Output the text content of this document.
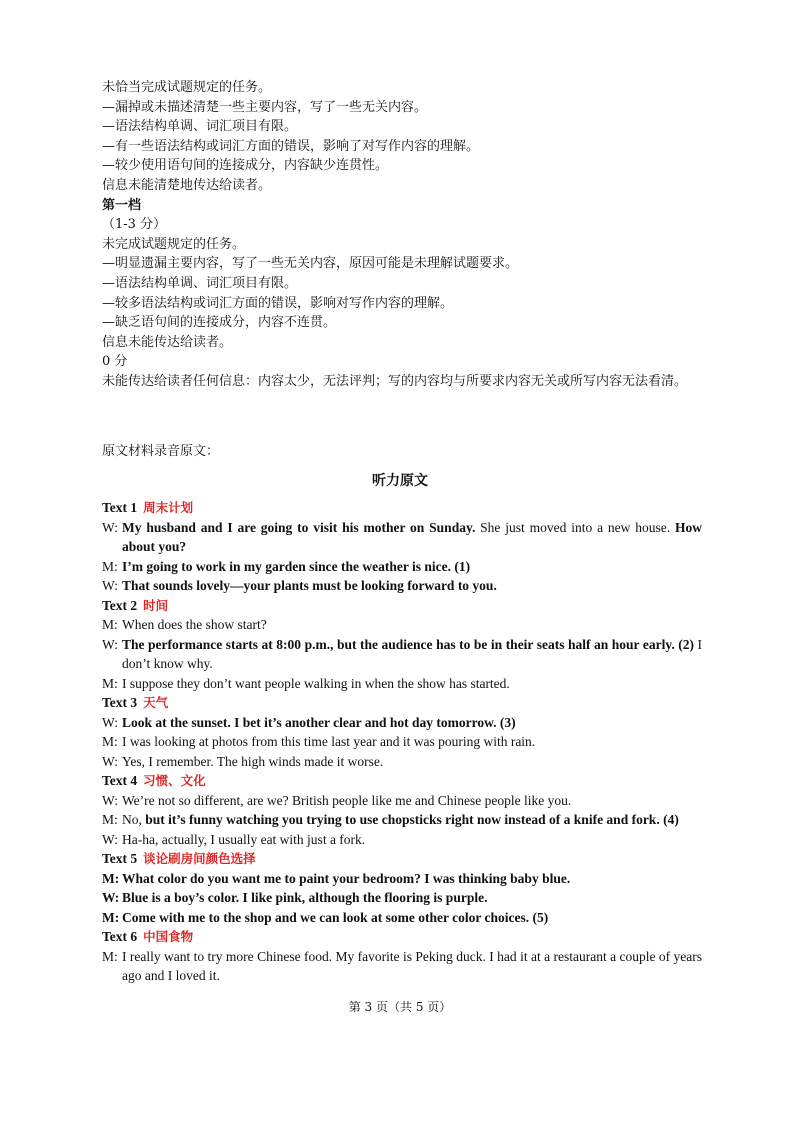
未恰当完成试题规定的任务。
—漏掉或未描述清楚一些主要内容，写了一些无关内容。
—语法结构单调、词汇项目有限。
—有一些语法结构或词汇方面的错误，影响了对写作内容的理解。
—较少使用语句间的连接成分，内容缺少连贯性。
信息未能清楚地传达给读者。
第一档
（1-3 分）
未完成试题规定的任务。
—明显遗漏主要内容，写了一些无关内容，原因可能是未理解试题要求。
—语法结构单调、词汇项目有限。
—较多语法结构或词汇方面的错误，影响对写作内容的理解。
—缺乏语句间的连接成分，内容不连贯。
信息未能传达给读者。
0 分
未能传达给读者任何信息：内容太少，无法评判；写的内容均与所要求内容无关或所写内容无法看清。
原文材料录音原文：
听力原文
Text 1 周末计划
W: My husband and I are going to visit his mother on Sunday. She just moved into a new house. How about you?
M: I’m going to work in my garden since the weather is nice. (1)
W: That sounds lovely—your plants must be looking forward to you.
Text 2 时间
M: When does the show start?
W: The performance starts at 8:00 p.m., but the audience has to be in their seats half an hour early. (2) I don’t know why.
M: I suppose they don’t want people walking in when the show has started.
Text 3 天气
W: Look at the sunset. I bet it’s another clear and hot day tomorrow. (3)
M: I was looking at photos from this time last year and it was pouring with rain.
W: Yes, I remember. The high winds made it worse.
Text 4 习惯、文化
W: We’re not so different, are we? British people like me and Chinese people like you.
M: No, but it’s funny watching you trying to use chopsticks right now instead of a knife and fork. (4)
W: Ha-ha, actually, I usually eat with just a fork.
Text 5 谈论刷房间颜色选择
M: What color do you want me to paint your bedroom? I was thinking baby blue.
W: Blue is a boy’s color. I like pink, although the flooring is purple.
M: Come with me to the shop and we can look at some other color choices. (5)
Text 6 中国食物
M: I really want to try more Chinese food. My favorite is Peking duck. I had it at a restaurant a couple of years ago and I loved it.
第 3 页（共 5 页）
